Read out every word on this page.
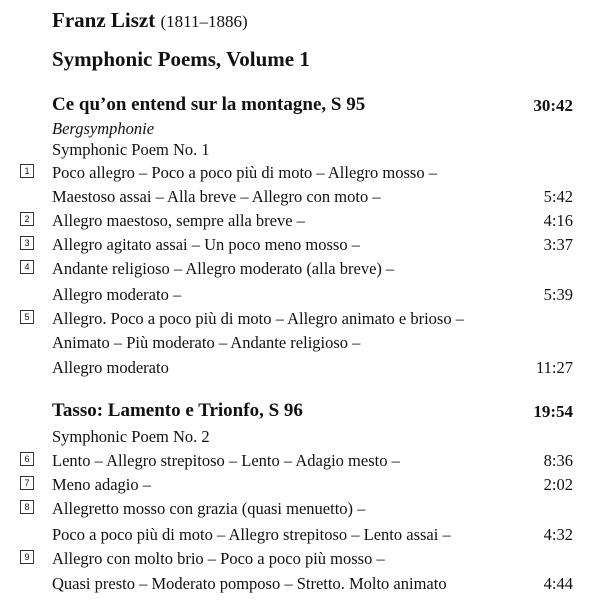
Franz Liszt (1811–1886)
Symphonic Poems, Volume 1
Ce qu’on entend sur la montagne, S 95	30:42
Bergsymphonie
Symphonic Poem No. 1
1 Poco allegro – Poco a poco più di moto – Allegro mosso –
Maestoso assai – Alla breve – Allegro con moto –	5:42
2 Allegro maestoso, sempre alla breve –	4:16
3 Allegro agitato assai – Un poco meno mosso –	3:37
4 Andante religioso – Allegro moderato (alla breve) –
Allegro moderato –	5:39
5 Allegro. Poco a poco più di moto – Allegro animato e brioso –
Animato – Più moderato – Andante religioso –
Allegro moderato	11:27
Tasso: Lamento e Trionfo, S 96	19:54
Symphonic Poem No. 2
6 Lento – Allegro strepitoso – Lento – Adagio mesto –	8:36
7 Meno adagio –	2:02
8 Allegretto mosso con grazia (quasi menuetto) –
Poco a poco più di moto – Allegro strepitoso – Lento assai –	4:32
9 Allegro con molto brio – Poco a poco più mosso –
Quasi presto – Moderato pomposo – Stretto. Molto animato	4:44
